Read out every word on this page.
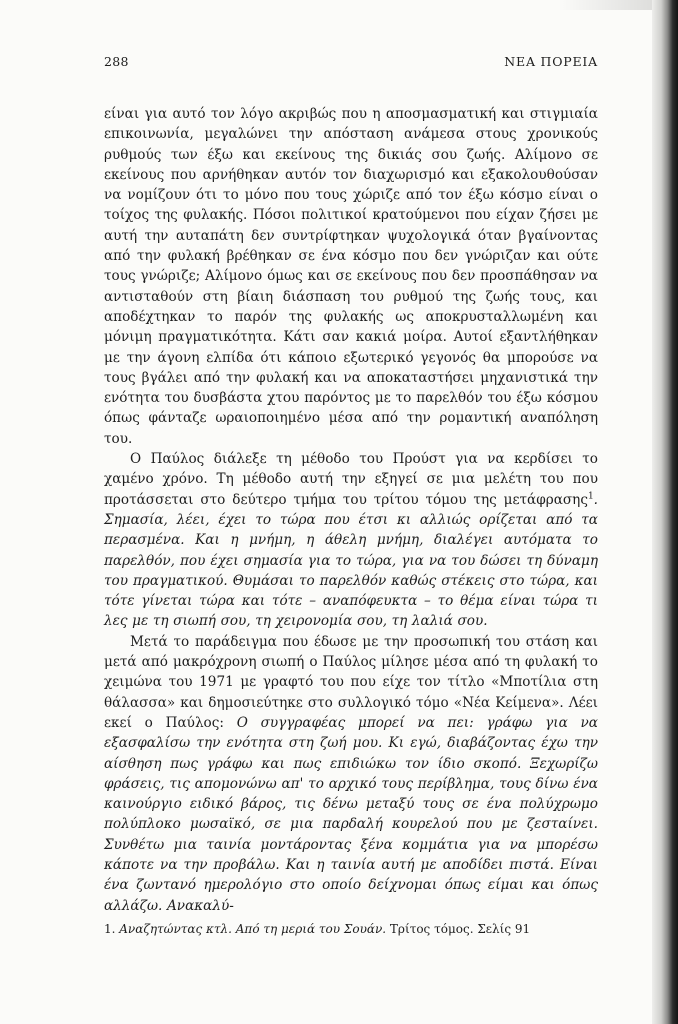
288	ΝΕΑ ΠΟΡΕΙΑ

είναι για αυτό τον λόγο ακριβώς που η αποσμασματική και στιγμιαία επικοινωνία, μεγαλώνει την απόσταση ανάμεσα στους χρονικούς ρυθμούς των έξω και εκείνους της δικιάς σου ζωής. Αλίμονο σε εκείνους που αρνήθηκαν αυτόν τον διαχωρισμό και εξακολουθούσαν να νομίζουν ότι το μόνο που τους χώριζε από τον έξω κόσμο είναι ο τοίχος της φυλακής. Πόσοι πολιτικοί κρατούμενοι που είχαν ζήσει με αυτή την αυταπάτη δεν συντρίφτηκαν ψυχολογικά όταν βγαίνοντας από την φυλακή βρέθηκαν σε ένα κόσμο που δεν γνώριζαν και ούτε τους γνώριζε; Αλίμονο όμως και σε εκείνους που δεν προσπάθησαν να αντισταθούν στη βίαιη διάσπαση του ρυθμού της ζωής τους, και αποδέχτηκαν το παρόν της φυλακής ως αποκρυσταλλωμένη και μόνιμη πραγματικότητα. Κάτι σαν κακιά μοίρα. Αυτοί εξαντλήθηκαν με την άγονη ελπίδα ότι κάποιο εξωτερικό γεγονός θα μπορούσε να τους βγάλει από την φυλακή και να αποκαταστήσει μηχανιστικά την ενότητα του δυσβάστα χτου παρόντος με το παρελθόν του έξω κόσμου όπως φάνταζε ωραιοποιημένο μέσα από την ρομαντική αναπόληση του.

Ο Παύλος διάλεξε τη μέθοδο του Προύστ για να κερδίσει το χαμένο χρόνο. Τη μέθοδο αυτή την εξηγεί σε μια μελέτη του που προτάσσεται στο δεύτερο τμήμα του τρίτου τόμου της μετάφρασης$^1$. Σημασία, λέει, έχει το τώρα που έτσι κι αλλιώς ορίζεται από τα περασμένα. Και η μνήμη, η άθελη μνήμη, διαλέγει αυτόματα το παρελθόν, που έχει σημασία για το τώρα, για να του δώσει τη δύναμη του πραγματικού. Θυμάσαι το παρελθόν καθώς στέκεις στο τώρα, και τότε γίνεται τώρα και τότε – αναπόφευκτα – το θέμα είναι τώρα τι λες με τη σιωπή σου, τη χειρονομία σου, τη λαλιά σου.

Μετά το παράδειγμα που έδωσε με την προσωπική του στάση και μετά από μακρόχρονη σιωπή ο Παύλος μίλησε μέσα από τη φυλακή το χειμώνα του 1971 με γραφτό του που είχε τον τίτλο «Μποτίλια στη θάλασσα» και δημοσιεύτηκε στο συλλογικό τόμο «Νέα Κείμενα». Λέει εκεί ο Παύλος: Ο συγγραφέας μπορεί να πει: γράφω για να εξασφαλίσω την ενότητα στη ζωή μου. Κι εγώ, διαβάζοντας έχω την αίσθηση πως γράφω και πως επιδιώκω τον ίδιο σκοπό. Ξεχωρίζω φράσεις, τις απομονώνω απ' το αρχικό τους περίβλημα, τους δίνω ένα καινούργιο ειδικό βάρος, τις δένω μεταξύ τους σε ένα πολύχρωμο πολύπλοκο μωσαϊκό, σε μια παρδαλή κουρελού που με ζεσταίνει. Συνθέτω μια ταινία μοντάροντας ξένα κομμάτια για να μπορέσω κάποτε να την προβάλω. Και η ταινία αυτή με αποδίδει πιστά. Είναι ένα ζωντανό ημερολόγιο στο οποίο δείχνομαι όπως είμαι και όπως αλλάζω. Ανακαλύ-

1. Αναζητώντας κτλ. Από τη μεριά του Σουάν. Τρίτος τόμος. Σελίς 91
